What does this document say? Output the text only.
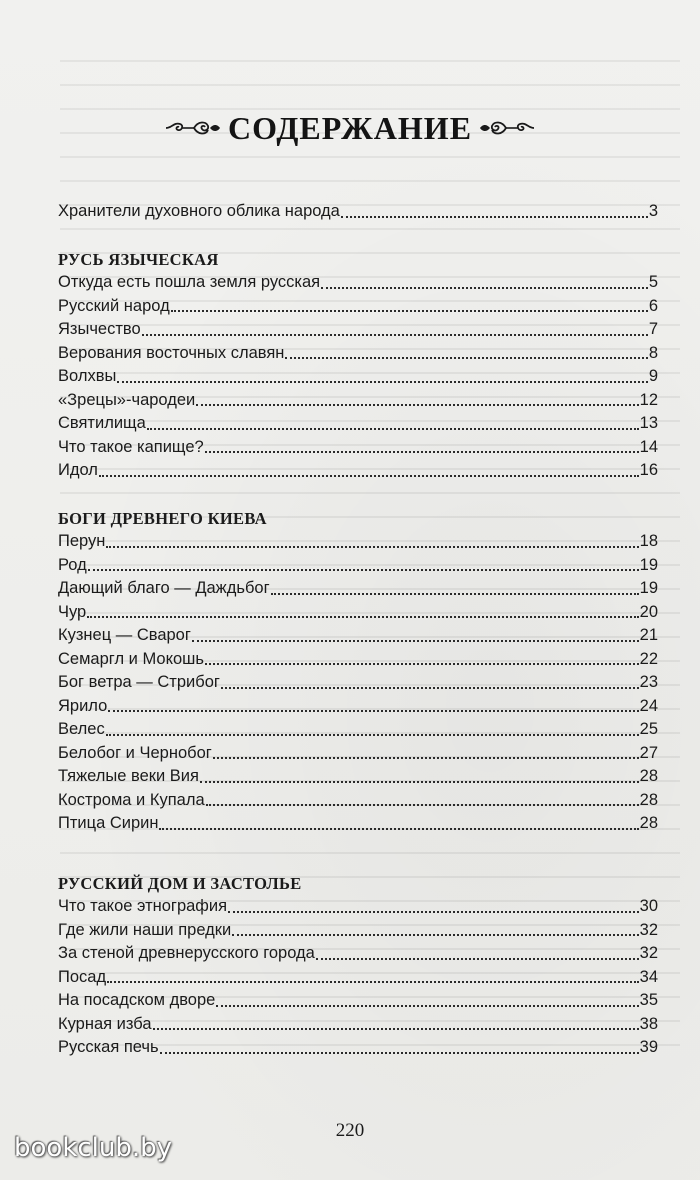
СОДЕРЖАНИЕ
Хранители духовного облика народа	3
РУСЬ ЯЗЫЧЕСКАЯ
Откуда есть пошла земля русская	5
Русский народ	6
Язычество	7
Верования восточных славян	8
Волхвы	9
«Зрецы»-чародеи	12
Святилища	13
Что такое капище?	14
Идол	16
БОГИ ДРЕВНЕГО КИЕВА
Перун	18
Род	19
Дающий благо — Даждьбог	19
Чур	20
Кузнец — Сварог	21
Семаргл и Мокошь	22
Бог ветра — Стрибог	23
Ярило	24
Велес	25
Белобог и Чернобог	27
Тяжелые веки Вия	28
Кострома и Купала	28
Птица Сирин	28
РУССКИЙ ДОМ И ЗАСТОЛЬЕ
Что такое этнография	30
Где жили наши предки	32
За стеной древнерусского города	32
Посад	34
На посадском дворе	35
Курная изба	38
Русская печь	39
220
bookclub.by
